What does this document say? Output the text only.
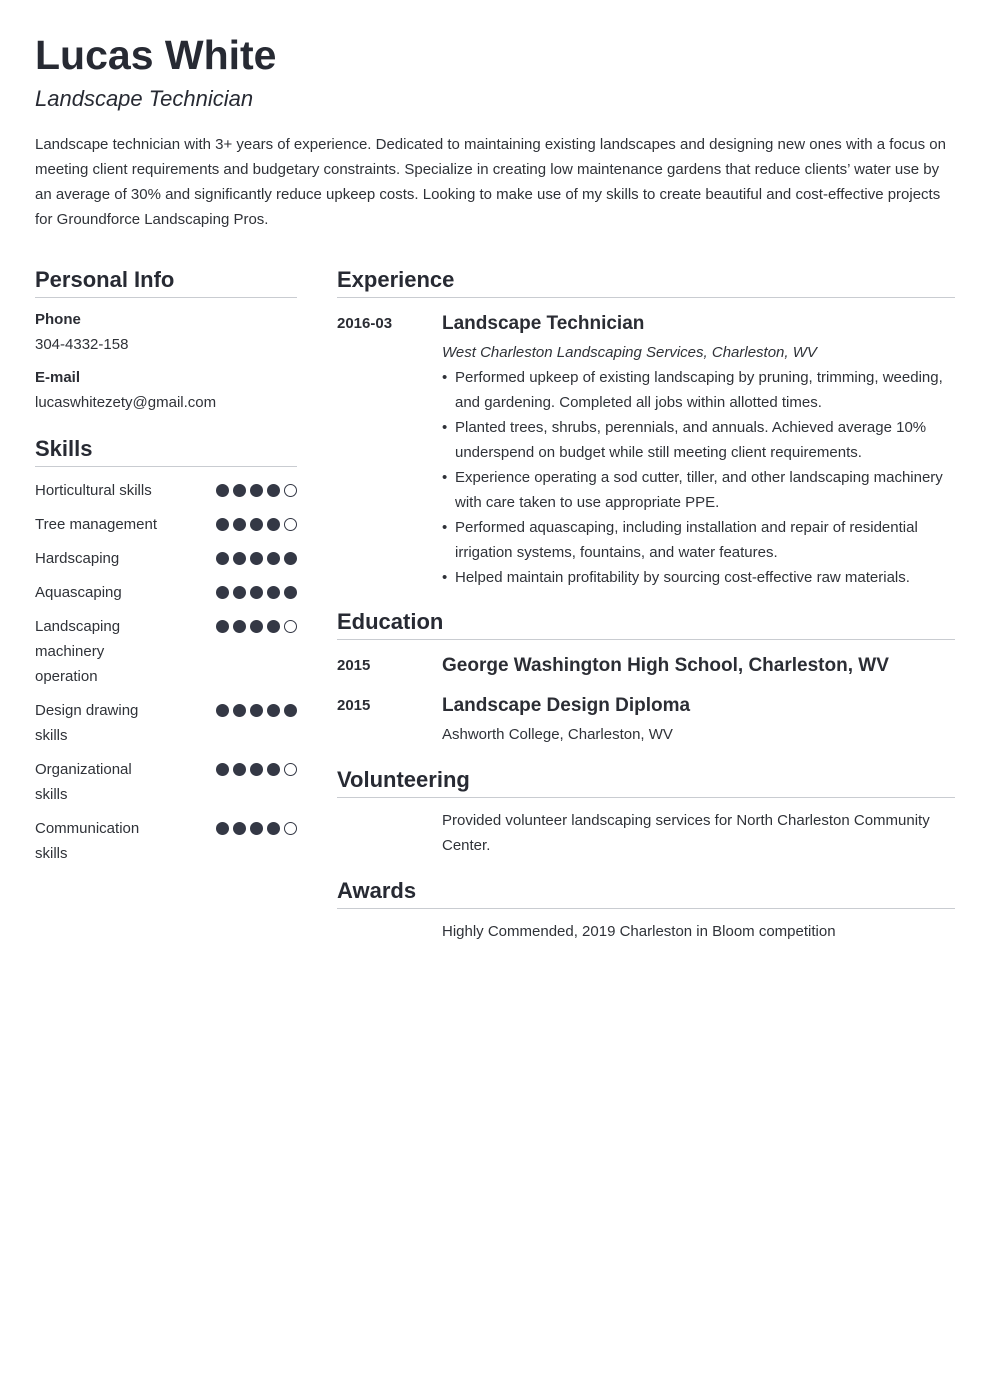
Lucas White
Landscape Technician

Landscape technician with 3+ years of experience. Dedicated to maintaining existing landscapes and designing new ones with a focus on meeting client requirements and budgetary constraints. Specialize in creating low maintenance gardens that reduce clients’ water use by an average of 30% and significantly reduce upkeep costs. Looking to make use of my skills to create beautiful and cost-effective projects for Groundforce Landscaping Pros.

Personal Info
Phone
304-4332-158
E-mail
lucaswhitezety@gmail.com
Skills
Horticultural skills
Tree management
Hardscaping
Aquascaping
Landscaping machinery operation
Design drawing skills
Organizational skills
Communication skills
Experience
2016-03	Landscape Technician
West Charleston Landscaping Services, Charleston, WV
• Performed upkeep of existing landscaping by pruning, trimming, weeding, and gardening. Completed all jobs within allotted times.
• Planted trees, shrubs, perennials, and annuals. Achieved average 10% underspend on budget while still meeting client requirements.
• Experience operating a sod cutter, tiller, and other landscaping machinery with care taken to use appropriate PPE.
• Performed aquascaping, including installation and repair of residential irrigation systems, fountains, and water features.
• Helped maintain profitability by sourcing cost-effective raw materials.
Education
2015	George Washington High School, Charleston, WV
2015	Landscape Design Diploma
Ashworth College, Charleston, WV
Volunteering
Provided volunteer landscaping services for North Charleston Community Center.
Awards
Highly Commended, 2019 Charleston in Bloom competition
